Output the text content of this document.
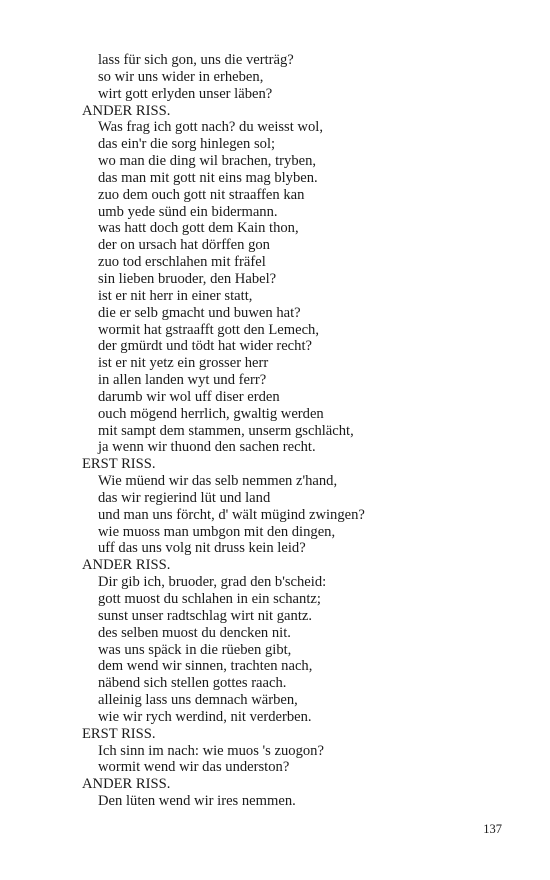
lass für sich gon, uns die verträg?
so wir uns wider in erheben,
wirt gott erlyden unser läben?
ANDER RISS.
Was frag ich gott nach? du weisst wol,
das ein'r die sorg hinlegen sol;
wo man die ding wil brachen, tryben,
das man mit gott nit eins mag blyben.
zuo dem ouch gott nit straaffen kan
umb yede sünd ein bidermann.
was hatt doch gott dem Kain thon,
der on ursach hat dörffen gon
zuo tod erschlahen mit fräfel
sin lieben bruoder, den Habel?
ist er nit herr in einer statt,
die er selb gmacht und buwen hat?
wormit hat gstraafft gott den Lemech,
der gmürdt und tödt hat wider recht?
ist er nit yetz ein grosser herr
in allen landen wyt und ferr?
darumb wir wol uff diser erden
ouch mögend herrlich, gwaltig werden
mit sampt dem stammen, unserm gschlächt,
ja wenn wir thuond den sachen recht.
ERST RISS.
Wie müend wir das selb nemmen z'hand,
das wir regierind lüt und land
und man uns förcht, d' wält mügind zwingen?
wie muoss man umbgon mit den dingen,
uff das uns volg nit druss kein leid?
ANDER RISS.
Dir gib ich, bruoder, grad den b'scheid:
gott muost du schlahen in ein schantz;
sunst unser radtschlag wirt nit gantz.
des selben muost du dencken nit.
was uns späck in die rüeben gibt,
dem wend wir sinnen, trachten nach,
näbend sich stellen gottes raach.
alleinig lass uns demnach wärben,
wie wir rych werdind, nit verderben.
ERST RISS.
Ich sinn im nach: wie muos 's zuogon?
wormit wend wir das underston?
ANDER RISS.
Den lüten wend wir ires nemmen.
137
